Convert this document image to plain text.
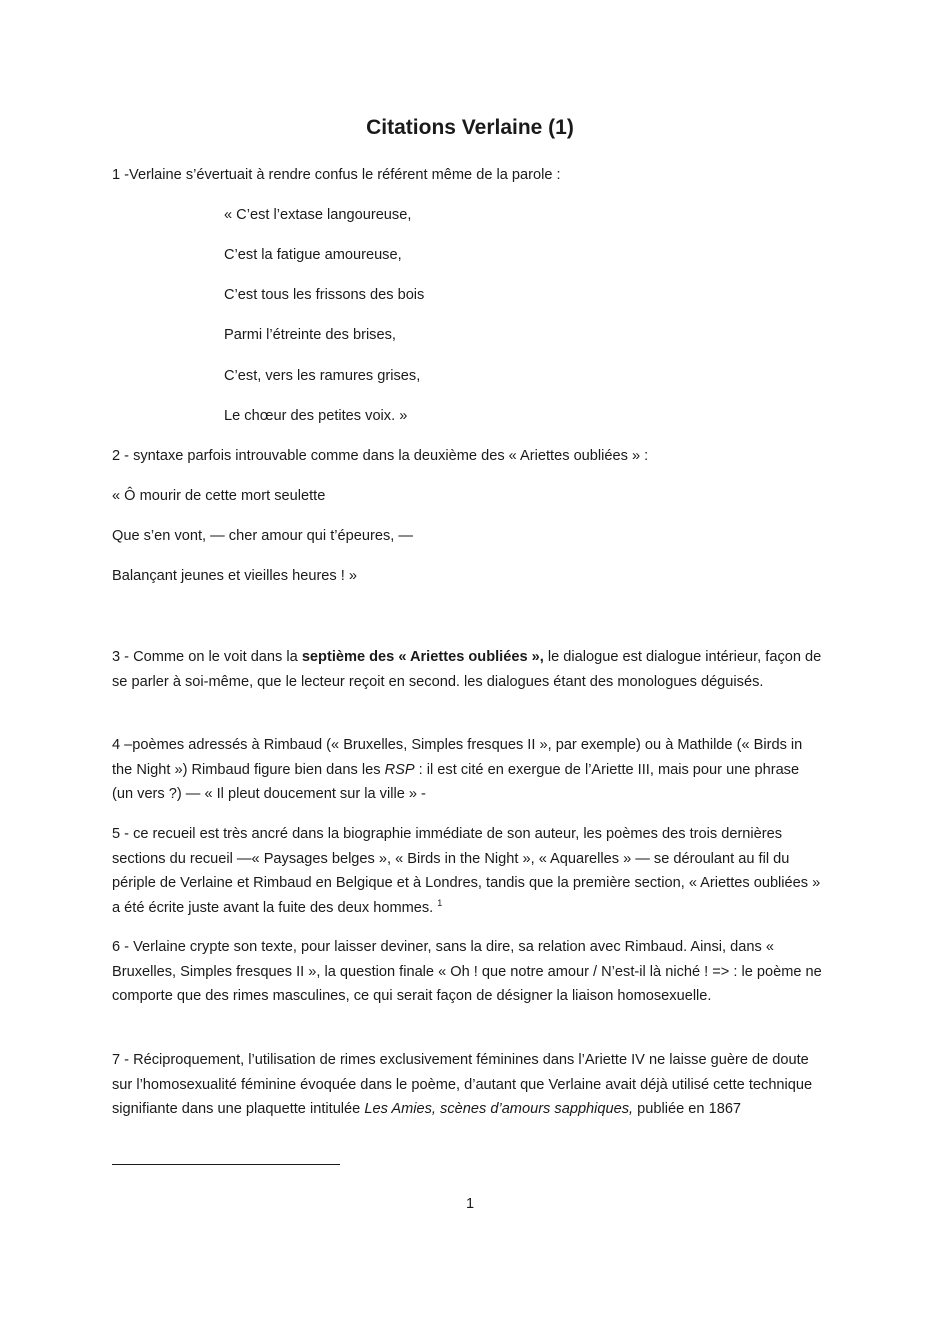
Citations Verlaine (1)
1 -Verlaine s’évertuait à rendre confus le référent même de la parole :
« C’est l’extase langoureuse,
C’est la fatigue amoureuse,
C’est tous les frissons des bois
Parmi l’étreinte des brises,
C’est, vers les ramures grises,
Le chœur des petites voix. »
2 - syntaxe parfois introuvable comme dans la deuxième des « Ariettes oubliées » :
« Ô mourir de cette mort seulette
Que s’en vont, — cher amour qui t’épeures, —
Balançant jeunes et vieilles heures ! »

3 - Comme on le voit dans la septième des « Ariettes oubliées », le dialogue est dialogue intérieur, façon de se parler à soi-même, que le lecteur reçoit en second. les dialogues étant des monologues déguisés.

4 –poèmes adressés à Rimbaud (« Bruxelles, Simples fresques II », par exemple) ou à Mathilde (« Birds in the Night ») Rimbaud figure bien dans les RSP : il est cité en exergue de l’Ariette III, mais pour une phrase (un vers ?) — « Il pleut doucement sur la ville » -

5 - ce recueil est très ancré dans la biographie immédiate de son auteur, les poèmes des trois dernières sections du recueil —« Paysages belges », « Birds in the Night », « Aquarelles » — se déroulant au fil du périple de Verlaine et Rimbaud en Belgique et à Londres, tandis que la première section, « Ariettes oubliées » a été écrite juste avant la fuite des deux hommes. $^1$

6 - Verlaine crypte son texte, pour laisser deviner, sans la dire, sa relation avec Rimbaud. Ainsi, dans « Bruxelles, Simples fresques II », la question finale « Oh ! que notre amour / N’est-il là niché ! => : le poème ne comporte que des rimes masculines, ce qui serait façon de désigner la liaison homosexuelle.

7 - Réciproquement, l’utilisation de rimes exclusivement féminines dans l’Ariette IV ne laisse guère de doute sur l’homosexualité féminine évoquée dans le poème, d’autant que Verlaine avait déjà utilisé cette technique signifiante dans une plaquette intitulée Les Amies, scènes d’amours sapphiques, publiée en 1867

1
